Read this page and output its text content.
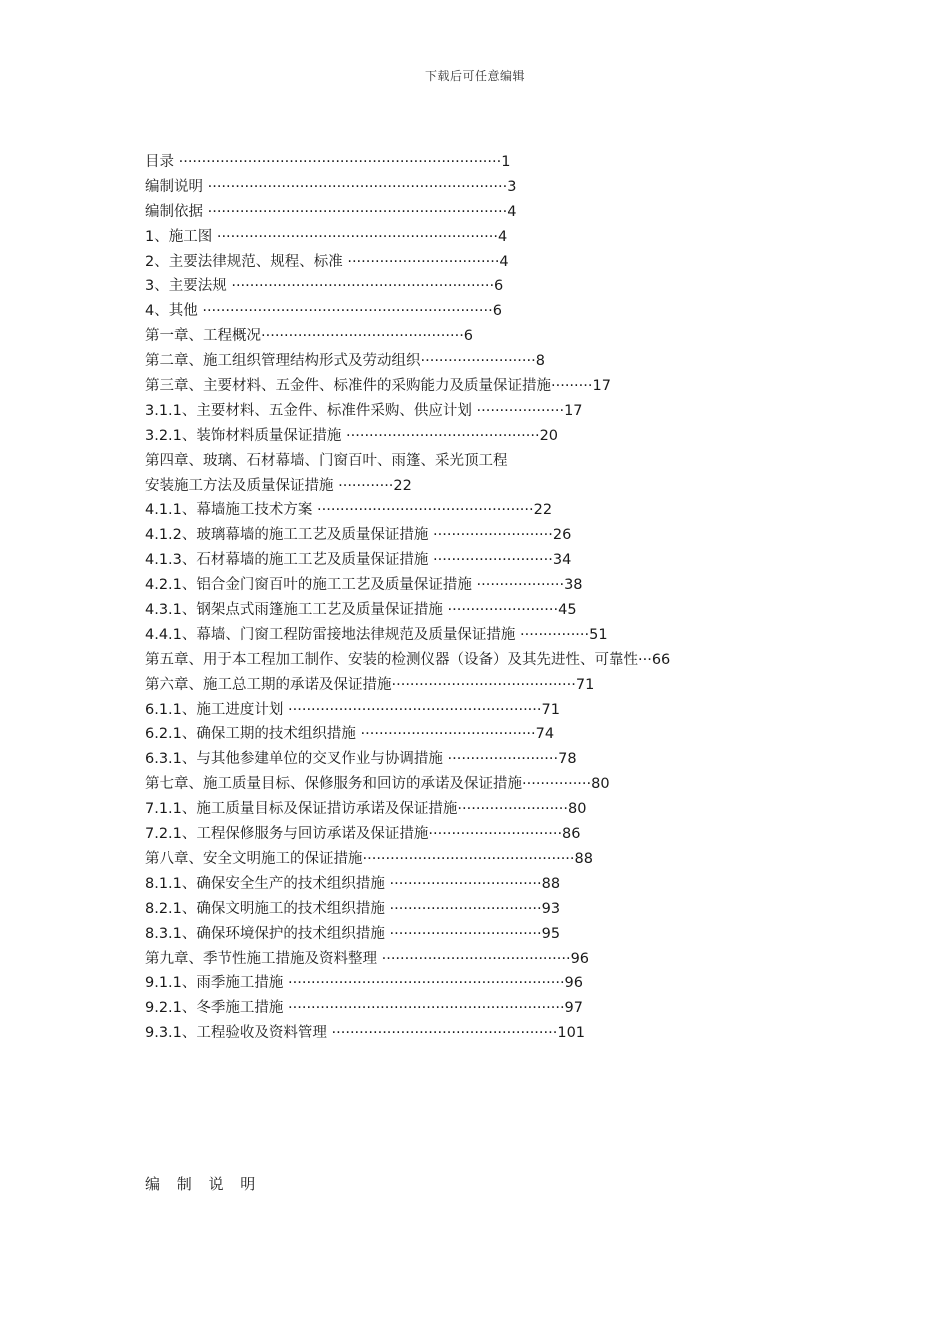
下载后可任意编辑
目录 ······································································1
编制说明 ·································································3
编制依据 ·································································4
1、施工图 ·····························································4
2、主要法律规范、规程、标准 ·································4
3、主要法规 ·························································6
4、其他 ·······························································6
第一章、工程概况············································6
第二章、施工组织管理结构形式及劳动组织·························8
第三章、主要材料、五金件、标准件的采购能力及质量保证措施·········17
3.1.1、主要材料、五金件、标准件采购、供应计划 ···················17
3.2.1、装饰材料质量保证措施 ··········································20
第四章、玻璃、石材幕墙、门窗百叶、雨篷、采光顶工程
安装施工方法及质量保证措施 ············22
4.1.1、幕墙施工技术方案 ···············································22
4.1.2、玻璃幕墙的施工工艺及质量保证措施 ··························26
4.1.3、石材幕墙的施工工艺及质量保证措施 ··························34
4.2.1、铝合金门窗百叶的施工工艺及质量保证措施 ···················38
4.3.1、钢架点式雨篷施工工艺及质量保证措施 ························45
4.4.1、幕墙、门窗工程防雷接地法律规范及质量保证措施 ···············51
第五章、用于本工程加工制作、安装的检测仪器（设备）及其先进性、可靠性···66
第六章、施工总工期的承诺及保证措施········································71
6.1.1、施工进度计划 ·······················································71
6.2.1、确保工期的技术组织措施 ······································74
6.3.1、与其他参建单位的交叉作业与协调措施 ························78
第七章、施工质量目标、保修服务和回访的承诺及保证措施···············80
7.1.1、施工质量目标及保证措访承诺及保证措施························80
7.2.1、工程保修服务与回访承诺及保证措施·····························86
第八章、安全文明施工的保证措施··············································88
8.1.1、确保安全生产的技术组织措施 ·································88
8.2.1、确保文明施工的技术组织措施 ·································93
8.3.1、确保环境保护的技术组织措施 ·································95
第九章、季节性施工措施及资料整理 ·········································96
9.1.1、雨季施工措施 ····························································96
9.2.1、冬季施工措施 ····························································97
9.3.1、工程验收及资料管理 ·················································101
编 制 说 明
